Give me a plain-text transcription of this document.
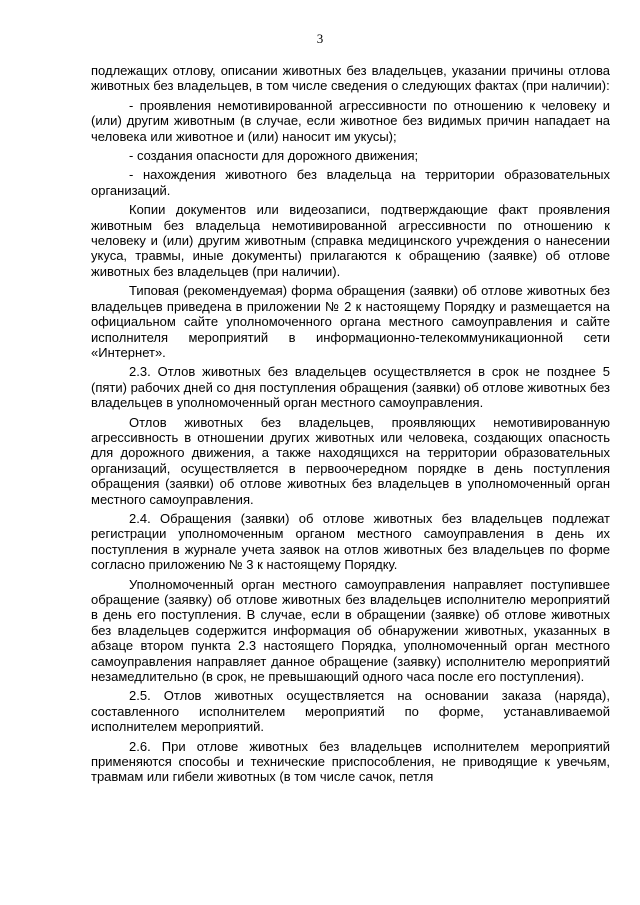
3

подлежащих отлову, описании животных без владельцев, указании причины отлова животных без владельцев, в том числе сведения о следующих фактах (при наличии):

- проявления немотивированной агрессивности по отношению к человеку и (или) другим животным (в случае, если животное без видимых причин нападает на человека или животное и (или) наносит им укусы);

- создания опасности для дорожного движения;

- нахождения животного без владельца на территории образовательных организаций.

Копии документов или видеозаписи, подтверждающие факт проявления животным без владельца немотивированной агрессивности по отношению к человеку и (или) другим животным (справка медицинского учреждения о нанесении укуса, травмы, иные документы) прилагаются к обращению (заявке) об отлове животных без владельцев (при наличии).

Типовая (рекомендуемая) форма обращения (заявки) об отлове животных без владельцев приведена в приложении № 2 к настоящему Порядку и размещается на официальном сайте уполномоченного органа местного самоуправления и сайте исполнителя мероприятий в информационно-телекоммуникационной сети «Интернет».

2.3. Отлов животных без владельцев осуществляется в срок не позднее 5 (пяти) рабочих дней со дня поступления обращения (заявки) об отлове животных без владельцев в уполномоченный орган местного самоуправления.

Отлов животных без владельцев, проявляющих немотивированную агрессивность в отношении других животных или человека, создающих опасность для дорожного движения, а также находящихся на территории образовательных организаций, осуществляется в первоочередном порядке в день поступления обращения (заявки) об отлове животных без владельцев в уполномоченный орган местного самоуправления.

2.4. Обращения (заявки) об отлове животных без владельцев подлежат регистрации уполномоченным органом местного самоуправления в день их поступления в журнале учета заявок на отлов животных без владельцев по форме согласно приложению № 3 к настоящему Порядку.

Уполномоченный орган местного самоуправления направляет поступившее обращение (заявку) об отлове животных без владельцев исполнителю мероприятий в день его поступления. В случае, если в обращении (заявке) об отлове животных без владельцев содержится информация об обнаружении животных, указанных в абзаце втором пункта 2.3 настоящего Порядка, уполномоченный орган местного самоуправления направляет данное обращение (заявку) исполнителю мероприятий незамедлительно (в срок, не превышающий одного часа после его поступления).

2.5. Отлов животных осуществляется на основании заказа (наряда), составленного исполнителем мероприятий по форме, устанавливаемой исполнителем мероприятий.

2.6. При отлове животных без владельцев исполнителем мероприятий применяются способы и технические приспособления, не приводящие к увечьям, травмам или гибели животных (в том числе сачок, петля
